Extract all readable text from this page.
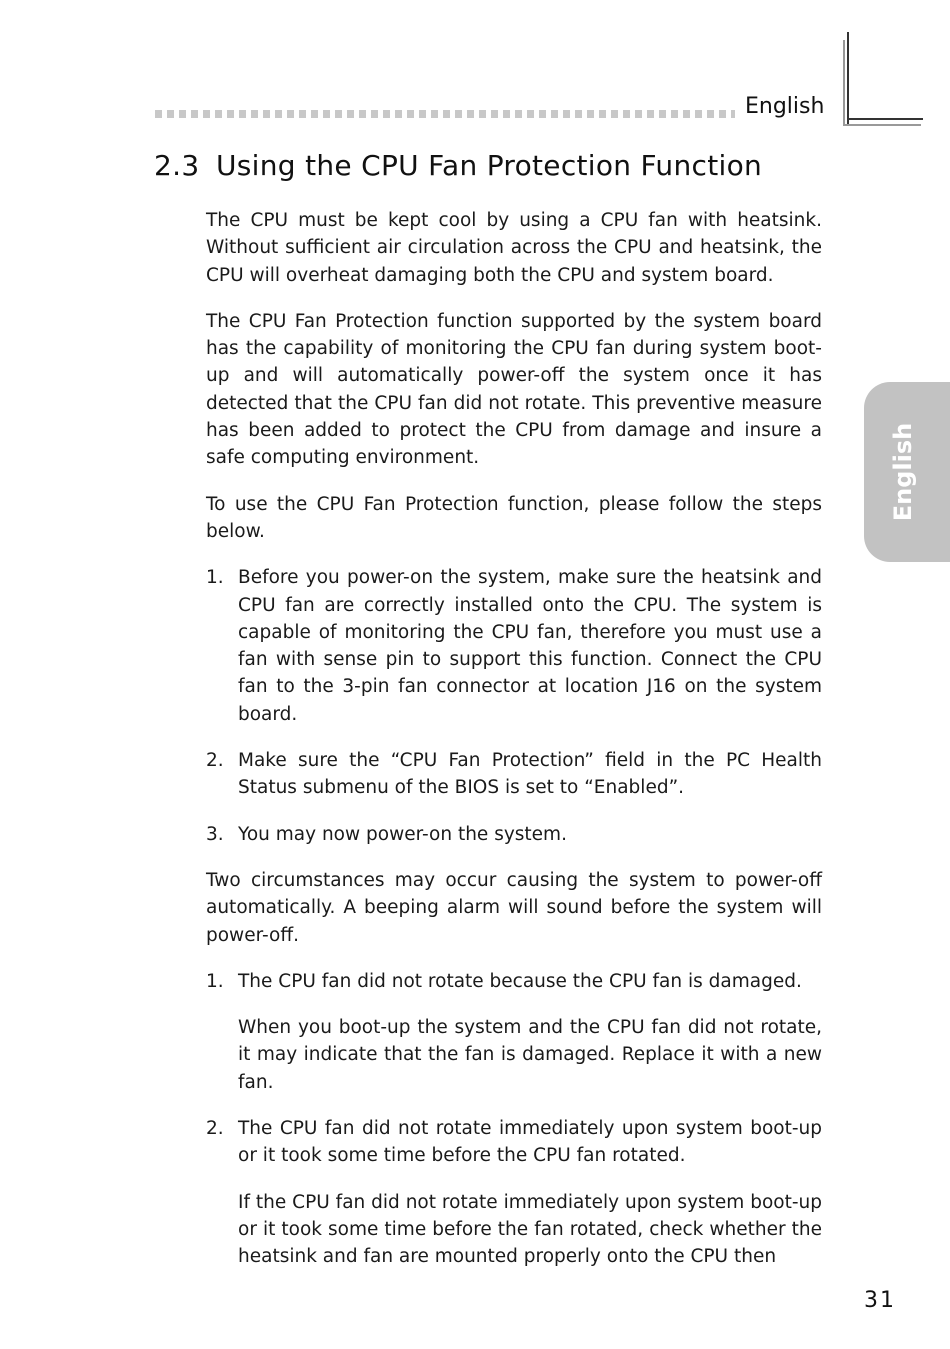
English
2.3 Using the CPU Fan Protection Function
English

The CPU must be kept cool by using a CPU fan with heatsink. Without sufficient air circulation across the CPU and heatsink, the CPU will overheat damaging both the CPU and system board.

The CPU Fan Protection function supported by the system board has the capability of monitoring the CPU fan during system boot-up and will automatically power-off the system once it has detected that the CPU fan did not rotate. This preventive measure has been added to protect the CPU from damage and insure a safe computing environment.

To use the CPU Fan Protection function, please follow the steps below.

1. Before you power-on the system, make sure the heatsink and CPU fan are correctly installed onto the CPU. The system is capable of monitoring the CPU fan, therefore you must use a fan with sense pin to support this function. Connect the CPU fan to the 3-pin fan connector at location J16 on the system board.

2. Make sure the “CPU Fan Protection” field in the PC Health Status submenu of the BIOS is set to “Enabled”.

3. You may now power-on the system.

Two circumstances may occur causing the system to power-off automatically. A beeping alarm will sound before the system will power-off.

1. The CPU fan did not rotate because the CPU fan is damaged.

When you boot-up the system and the CPU fan did not rotate, it may indicate that the fan is damaged. Replace it with a new fan.

2. The CPU fan did not rotate immediately upon system boot-up or it took some time before the CPU fan rotated.

If the CPU fan did not rotate immediately upon system boot-up or it took some time before the fan rotated, check whether the heatsink and fan are mounted properly onto the CPU then

31
